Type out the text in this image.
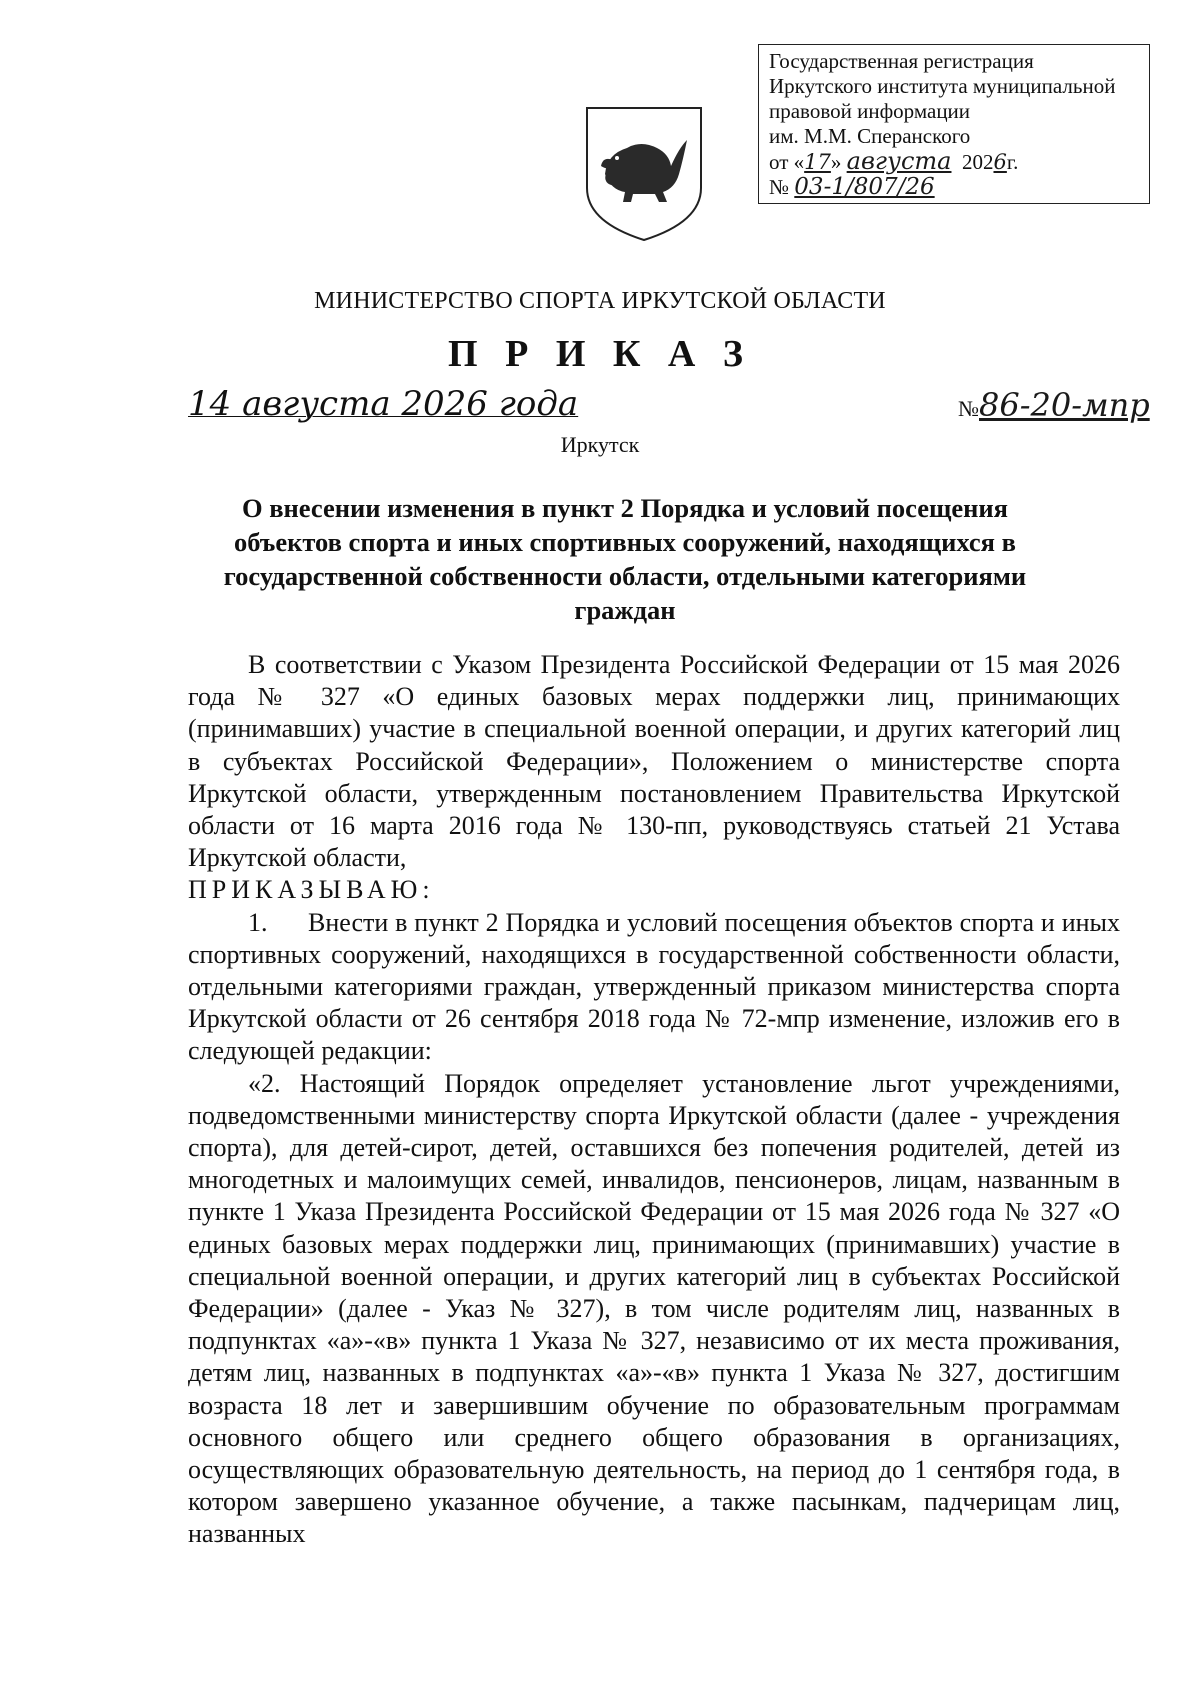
Государственная регистрация
Иркутского института муниципальной
правовой информации
им. М.М. Сперанского
от «17» августа 2026г.
№ 03-1/807/26
МИНИСТЕРСТВО СПОРТА ИРКУТСКОЙ ОБЛАСТИ
П Р И К А З
14 августа 2026 года	№86-20-мпр
Иркутск
О внесении изменения в пункт 2 Порядка и условий посещения объектов спорта и иных спортивных сооружений, находящихся в государственной собственности области, отдельными категориями граждан

В соответствии с Указом Президента Российской Федерации от 15 мая 2026 года № 327 «О единых базовых мерах поддержки лиц, принимающих (принимавших) участие в специальной военной операции, и других категорий лиц в субъектах Российской Федерации», Положением о министерстве спорта Иркутской области, утвержденным постановлением Правительства Иркутской области от 16 марта 2016 года № 130-пп, руководствуясь статьей 21 Устава Иркутской области,

ПРИКАЗЫВАЮ:

1. Внести в пункт 2 Порядка и условий посещения объектов спорта и иных спортивных сооружений, находящихся в государственной собственности области, отдельными категориями граждан, утвержденный приказом министерства спорта Иркутской области от 26 сентября 2018 года № 72-мпр изменение, изложив его в следующей редакции:

«2. Настоящий Порядок определяет установление льгот учреждениями, подведомственными министерству спорта Иркутской области (далее - учреждения спорта), для детей-сирот, детей, оставшихся без попечения родителей, детей из многодетных и малоимущих семей, инвалидов, пенсионеров, лицам, названным в пункте 1 Указа Президента Российской Федерации от 15 мая 2026 года № 327 «О единых базовых мерах поддержки лиц, принимающих (принимавших) участие в специальной военной операции, и других категорий лиц в субъектах Российской Федерации» (далее - Указ № 327), в том числе родителям лиц, названных в подпунктах «а»-«в» пункта 1 Указа № 327, независимо от их места проживания, детям лиц, названных в подпунктах «а»-«в» пункта 1 Указа № 327, достигшим возраста 18 лет и завершившим обучение по образовательным программам основного общего или среднего общего образования в организациях, осуществляющих образовательную деятельность, на период до 1 сентября года, в котором завершено указанное обучение, а также пасынкам, падчерицам лиц, названных
